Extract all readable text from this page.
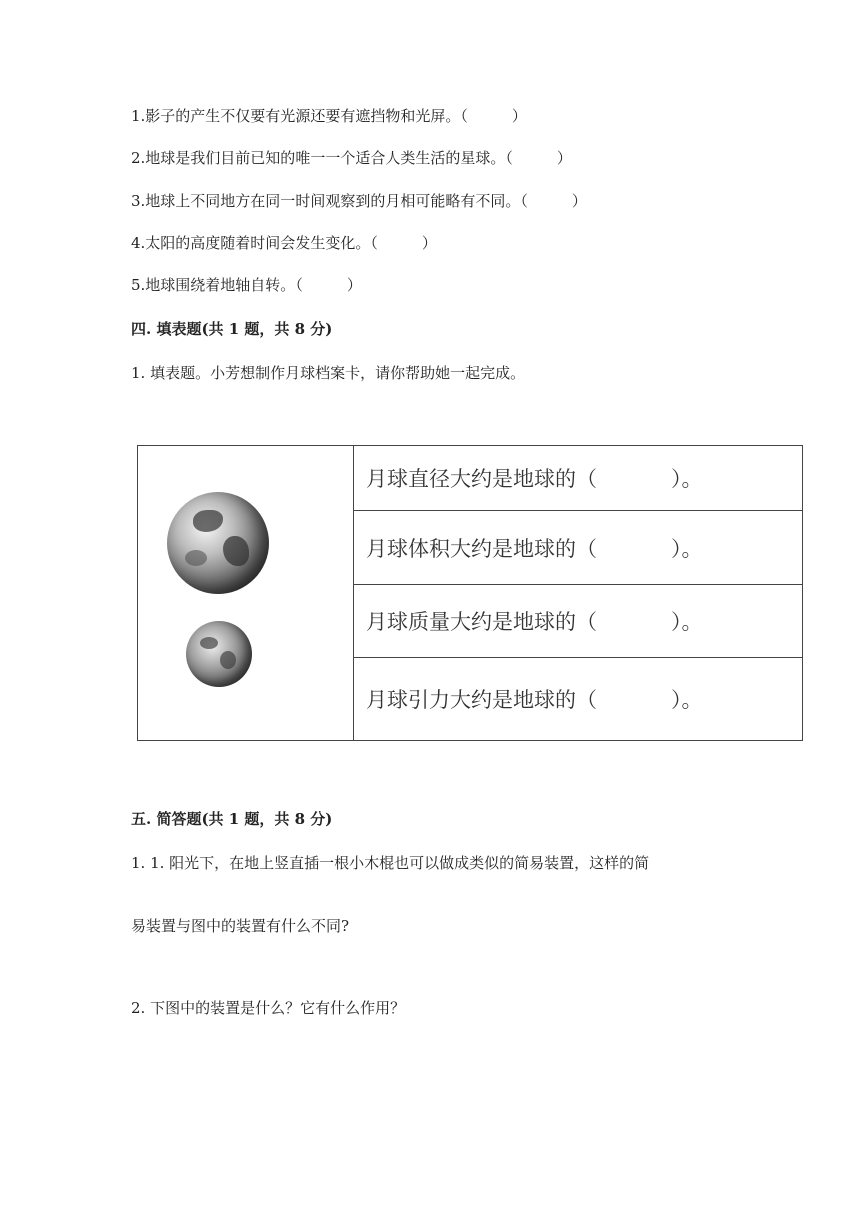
1.影子的产生不仅要有光源还要有遮挡物和光屏。（	）
2.地球是我们目前已知的唯一一个适合人类生活的星球。（	）
3.地球上不同地方在同一时间观察到的月相可能略有不同。（	）
4.太阳的高度随着时间会发生变化。（	）
5.地球围绕着地轴自转。（	）
四. 填表题(共 1 题，共 8 分)
1. 填表题。小芳想制作月球档案卡，请你帮助她一起完成。
月球直径大约是地球的（	）。
月球体积大约是地球的（	）。
月球质量大约是地球的（	）。
月球引力大约是地球的（	）。
五. 简答题(共 1 题，共 8 分)
1. 1. 阳光下，在地上竖直插一根小木棍也可以做成类似的简易装置，这样的简
易装置与图中的装置有什么不同?
2. 下图中的装置是什么？它有什么作用？
